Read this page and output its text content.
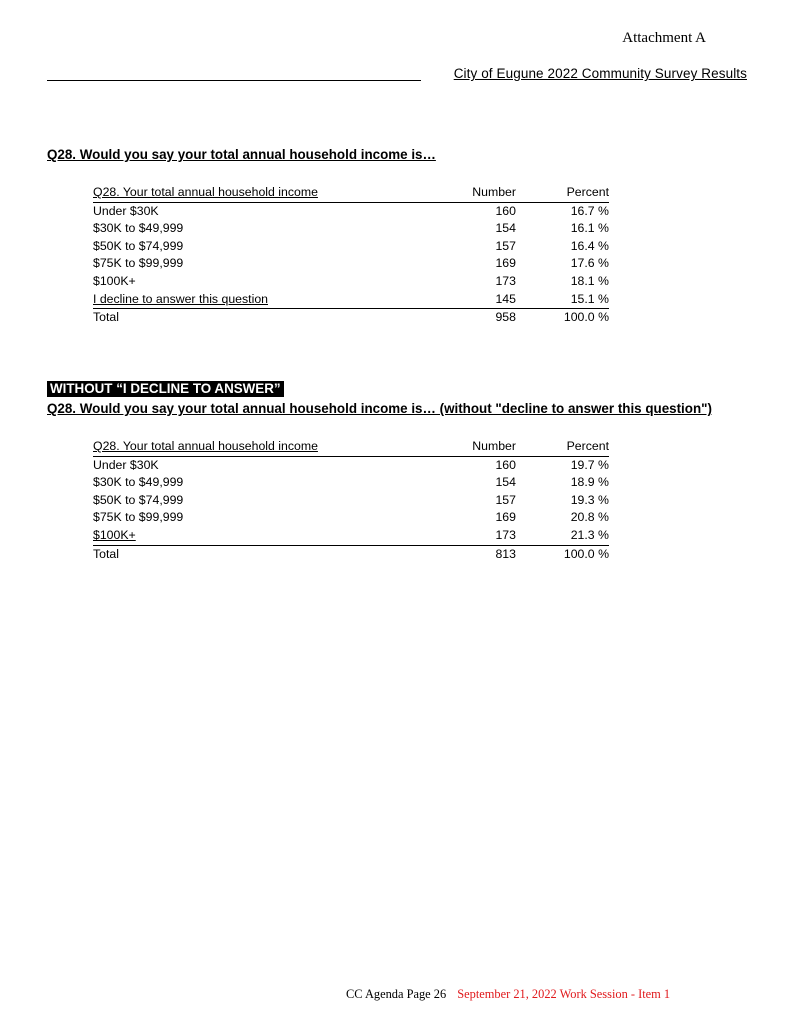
Attachment A
City of Eugune 2022 Community Survey Results
Q28. Would you say your total annual household income is…
Q28. Your total annual household income	Number	Percent
Under $30K	160	16.7 %
$30K to $49,999	154	16.1 %
$50K to $74,999	157	16.4 %
$75K to $99,999	169	17.6 %
$100K+	173	18.1 %
I decline to answer this question	145	15.1 %
Total	958	100.0 %
WITHOUT “I DECLINE TO ANSWER”
Q28. Would you say your total annual household income is… (without "decline to answer this question")
Q28. Your total annual household income	Number	Percent
Under $30K	160	19.7 %
$30K to $49,999	154	18.9 %
$50K to $74,999	157	19.3 %
$75K to $99,999	169	20.8 %
$100K+	173	21.3 %
Total	813	100.0 %
CC Agenda Page 26 September 21, 2022 Work Session - Item 1
